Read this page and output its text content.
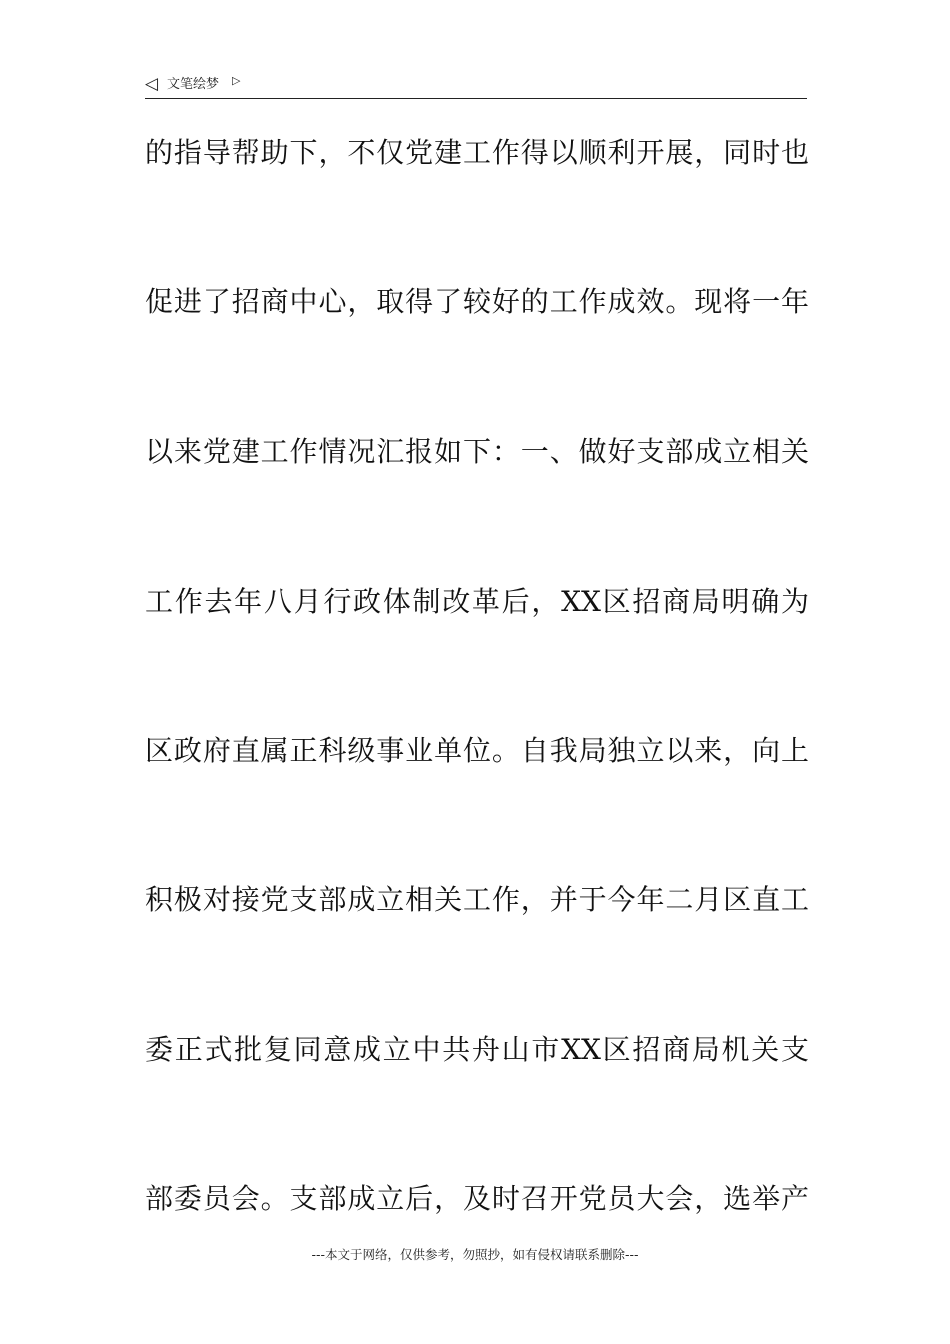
◁ 文笔绘梦 ▷
的指导帮助下，不仅党建工作得以顺利开展，同时也
促进了招商中心，取得了较好的工作成效。现将一年
以来党建工作情况汇报如下：一、做好支部成立相关
工作去年八月行政体制改革后，XX区招商局明确为
区政府直属正科级事业单位。自我局独立以来，向上
积极对接党支部成立相关工作，并于今年二月区直工
委正式批复同意成立中共舟山市XX区招商局机关支
部委员会。支部成立后，及时召开党员大会，选举产
---本文于网络，仅供参考，勿照抄，如有侵权请联系删除---
